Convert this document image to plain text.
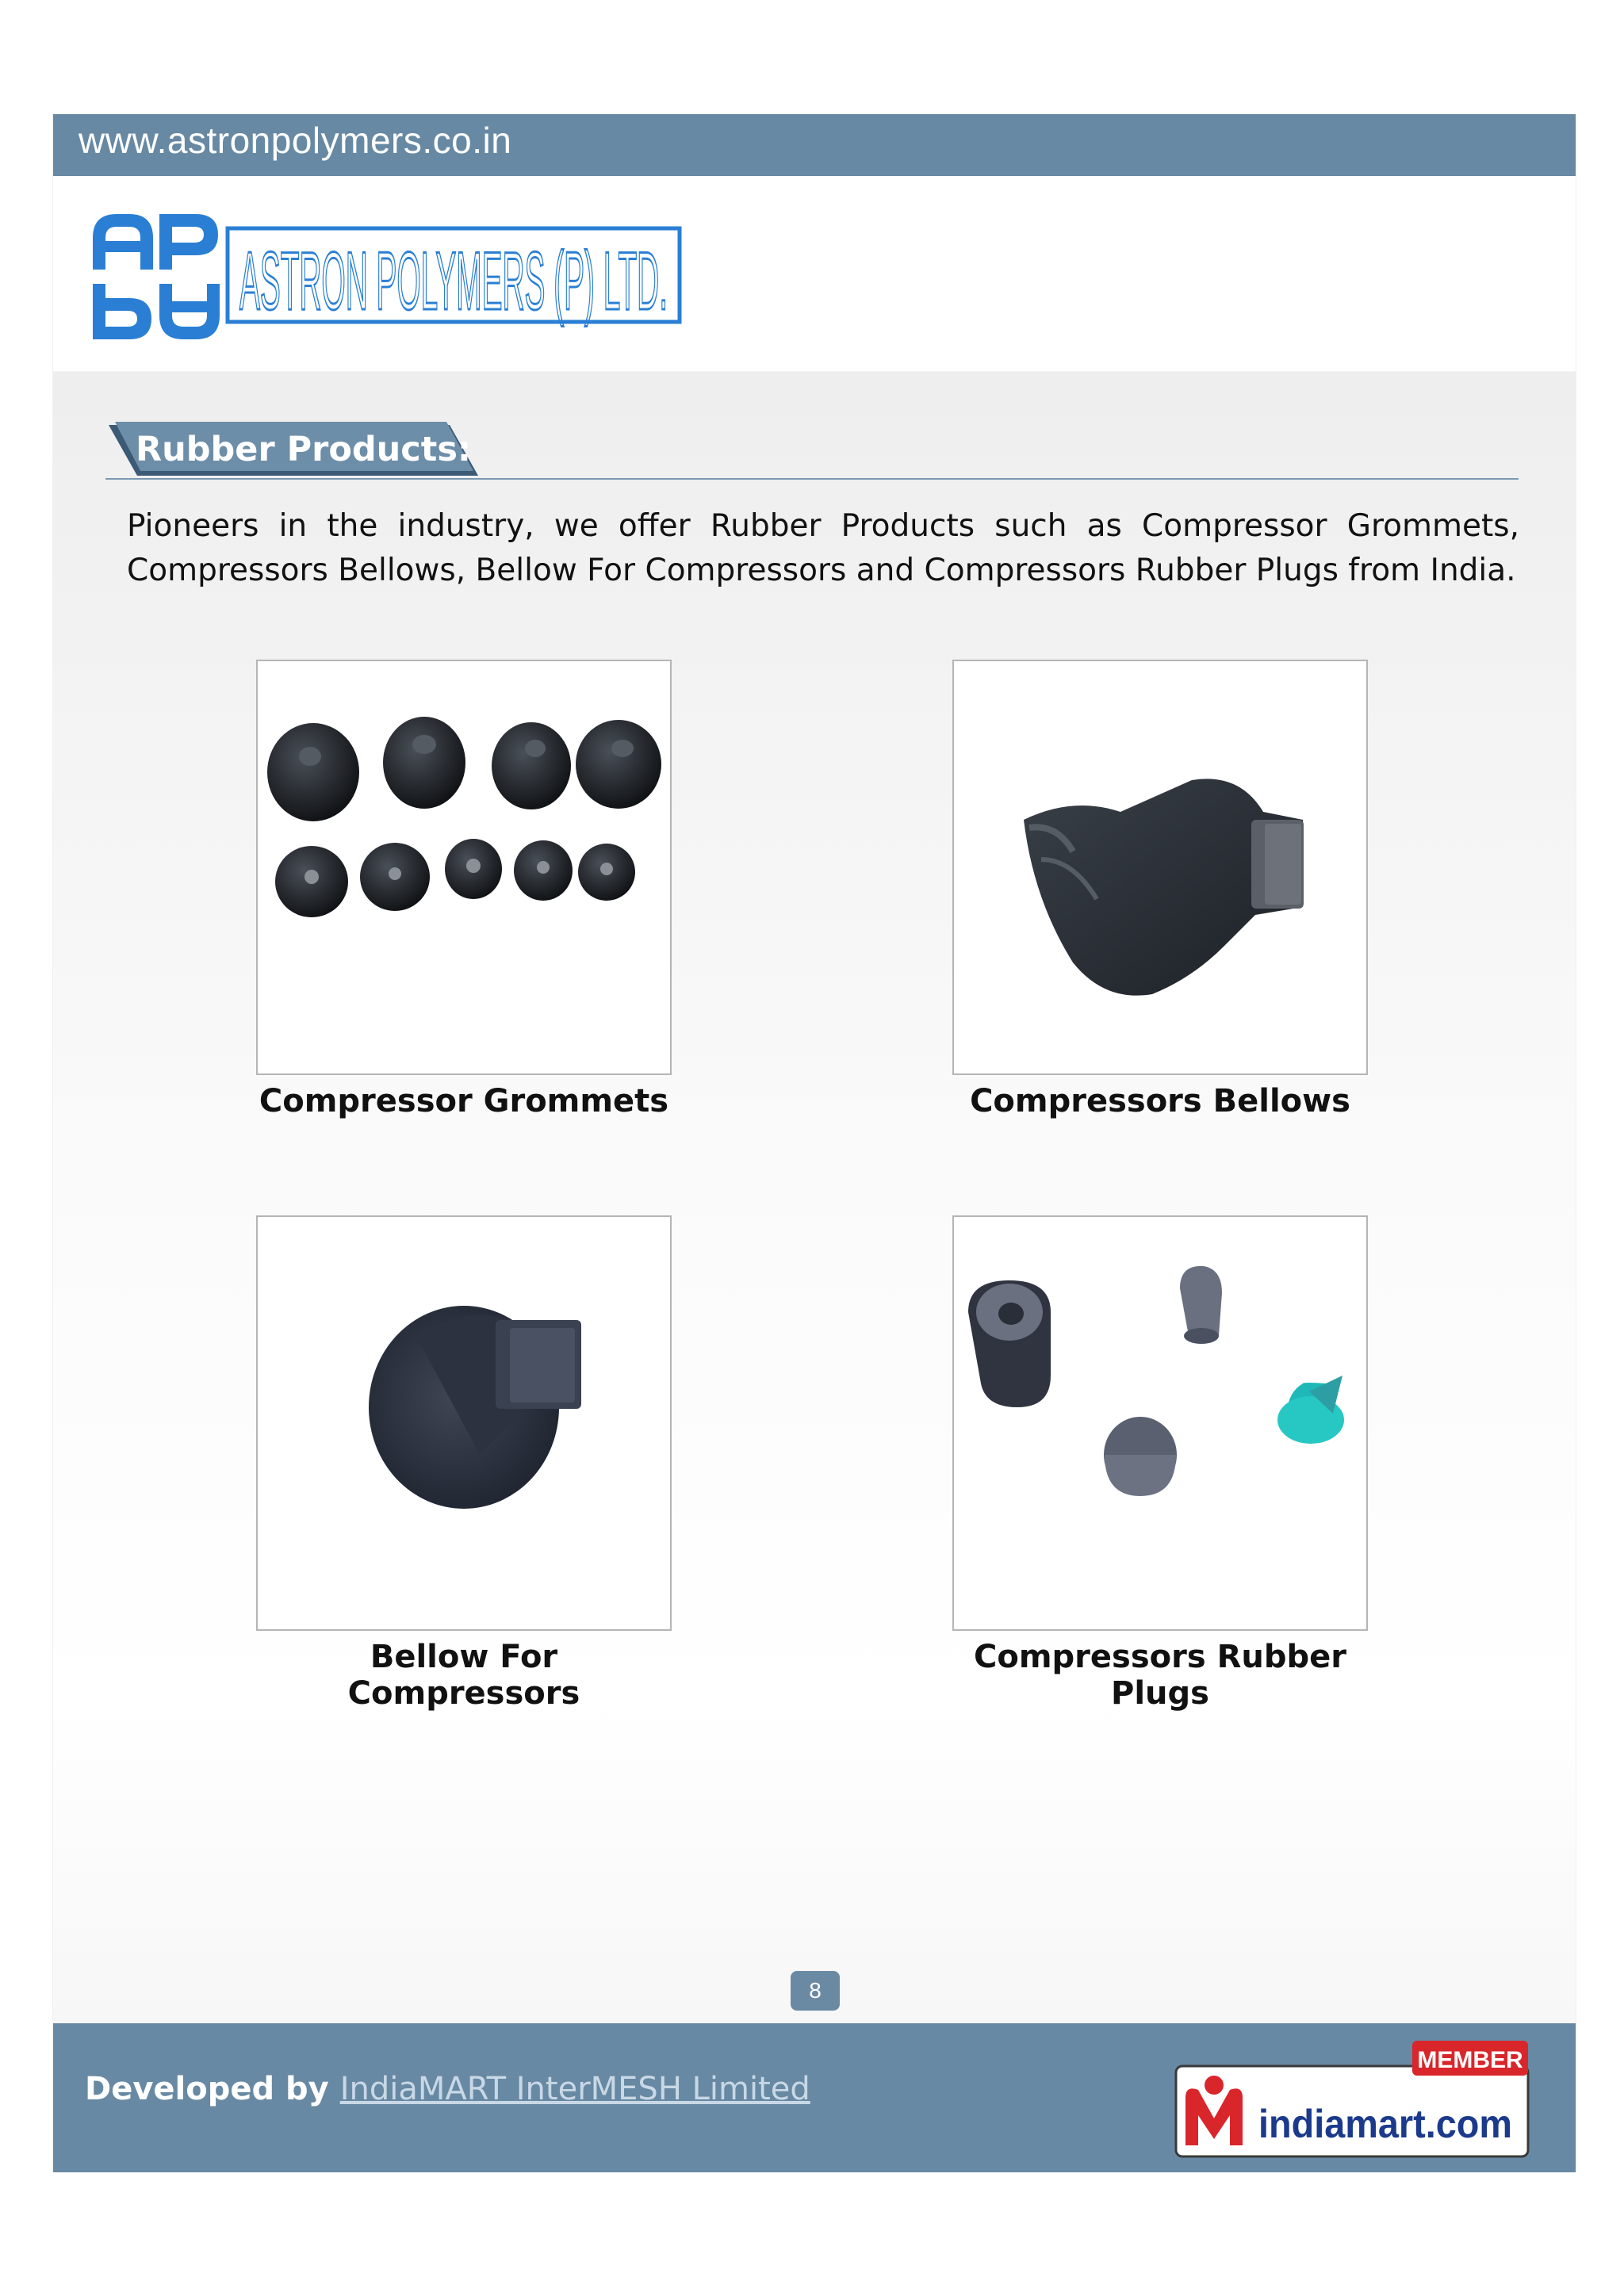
www.astronpolymers.co.in
ASTRON POLYMERS (P) LTD.
Rubber Products:
Pioneers in the industry, we offer Rubber Products such as Compressor Grommets, Compressors Bellows, Bellow For Compressors and Compressors Rubber Plugs from India.
Compressor Grommets	Compressors Bellows
Bellow For Compressors
Compressors Rubber Plugs
8
Developed by IndiaMART InterMESH Limited
MEMBER
indiamart.com
